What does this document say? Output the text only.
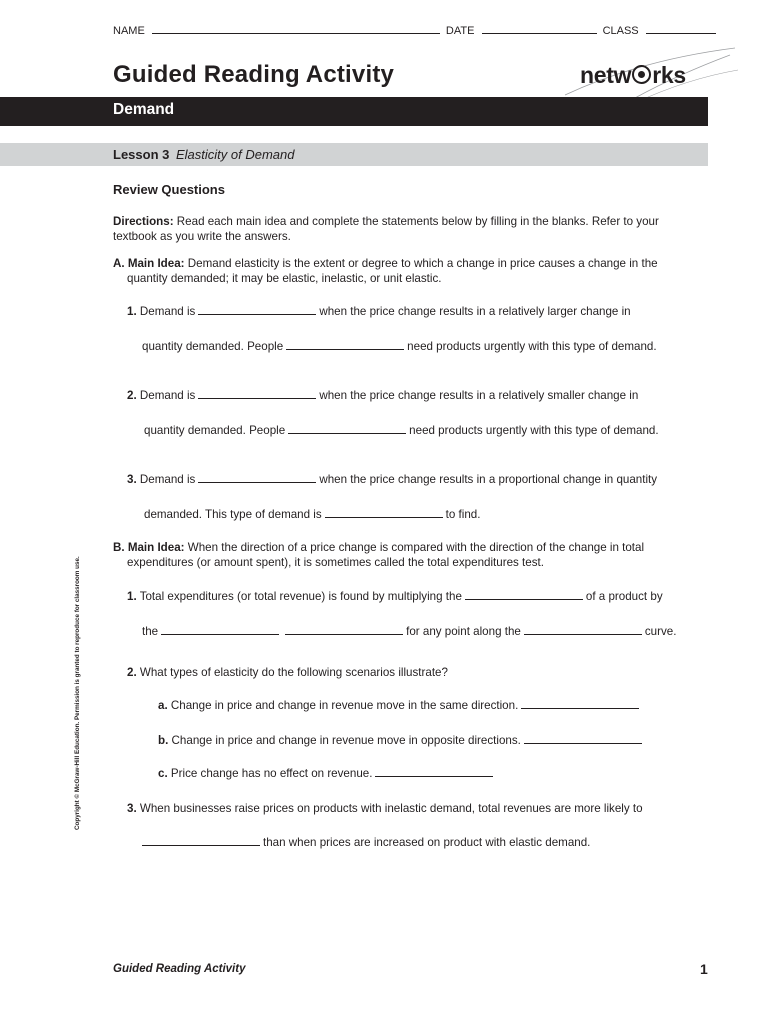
NAME	DATE	CLASS
Guided Reading Activity	netw rks
Demand
Lesson 3 Elasticity of Demand
Review Questions
Directions: Read each main idea and complete the statements below by filling in the blanks. Refer to your
textbook as you write the answers.
A. Main Idea: Demand elasticity is the extent or degree to which a change in price causes a change in the
quantity demanded; it may be elastic, inelastic, or unit elastic.
1. Demand is	when the price change results in a relatively larger change in
quantity demanded. People	need products urgently with this type of demand.
2. Demand is	when the price change results in a relatively smaller change in
quantity demanded. People	need products urgently with this type of demand.
3. Demand is	when the price change results in a proportional change in quantity
demanded. This type of demand is	to find.
B. Main Idea: When the direction of a price change is compared with the direction of the change in total
expenditures (or amount spent), it is sometimes called the total expenditures test.
1. Total expenditures (or total revenue) is found by multiplying the	of a product by
the	for any point along the	curve.
2. What types of elasticity do the following scenarios illustrate?
a. Change in price and change in revenue move in the same direction.
b. Change in price and change in revenue move in opposite directions.
c. Price change has no effect on revenue.
3. When businesses raise prices on products with inelastic demand, total revenues are more likely to
than when prices are increased on product with elastic demand.
Copyright © McGraw-Hill Education. Permission is granted to reproduce for classroom use.
Guided Reading Activity	1
